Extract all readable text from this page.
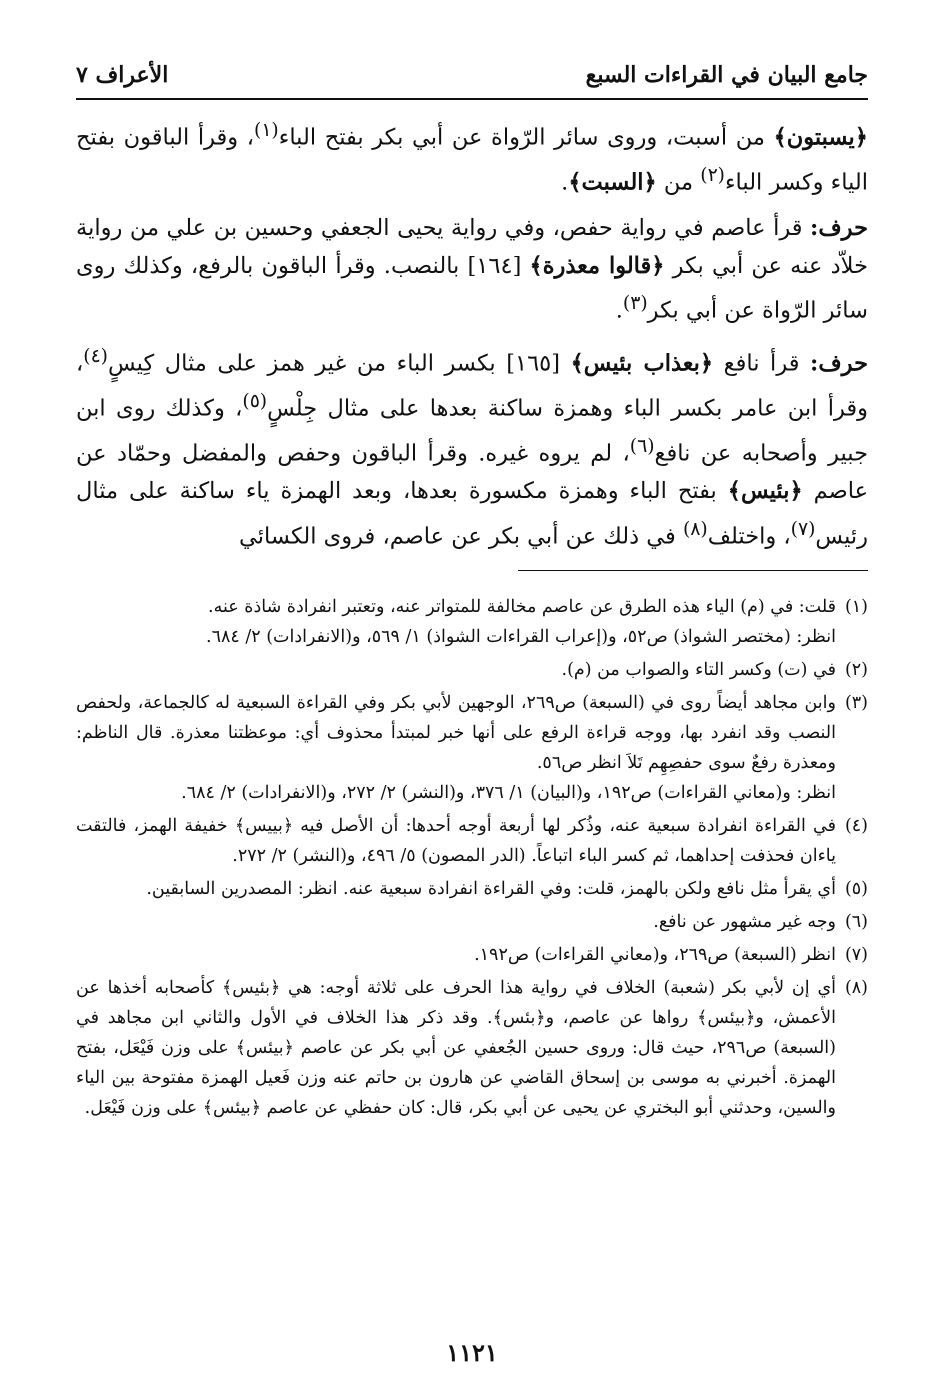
جامع البيان في القراءات السبع
الأعراف ٧

﴿يسبتون﴾ من أسبت، وروى سائر الرّواة عن أبي بكر بفتح الباء$^{(١)}$، وقرأ الباقون بفتح الياء وكسر الباء$^{(٢)}$ من ﴿السبت﴾.

حرف: قرأ عاصم في رواية حفص، وفي رواية يحيى الجعفي وحسين بن علي من رواية خلاّد عنه عن أبي بكر ﴿قالوا معذرة﴾ [١٦٤] بالنصب. وقرأ الباقون بالرفع، وكذلك روى سائر الرّواة عن أبي بكر$^{(٣)}$.

حرف: قرأ نافع ﴿بعذاب بئيس﴾ [١٦٥] بكسر الباء من غير همز على مثال كِيسٍ$^{(٤)}$، وقرأ ابن عامر بكسر الباء وهمزة ساكنة بعدها على مثال جِلْسٍ$^{(٥)}$، وكذلك روى ابن جبير وأصحابه عن نافع$^{(٦)}$، لم يروه غيره. وقرأ الباقون وحفص والمفضل وحمّاد عن عاصم ﴿بئيس﴾ بفتح الباء وهمزة مكسورة بعدها، وبعد الهمزة ياء ساكنة على مثال رئيس$^{(٧)}$، واختلف$^{(٨)}$ في ذلك عن أبي بكر عن عاصم، فروى الكسائي

(١)
قلت: في (م) الياء هذه الطرق عن عاصم مخالفة للمتواتر عنه، وتعتبر انفرادة شاذة عنه.
انظر: (مختصر الشواذ) ص٥٢، و(إعراب القراءات الشواذ) ١/ ٥٦٩، و(الانفرادات) ٢/ ٦٨٤.
(٢)
في (ت) وكسر التاء والصواب من (م).
(٣)
وابن مجاهد أيضاً روى في (السبعة) ص٢٦٩، الوجهين لأبي بكر وفي القراءة السبعية له كالجماعة، ولحفص النصب وقد انفرد بها، ووجه قراءة الرفع على أنها خبر لمبتدأ محذوف أي: موعظتنا معذرة. قال الناظم: ومعذرة رفعٌ سوى حفصِهِم تَلاَ انظر ص٥٦.
انظر: و(معاني القراءات) ص١٩٢، و(البيان) ١/ ٣٧٦، و(النشر) ٢/ ٢٧٢، و(الانفرادات) ٢/ ٦٨٤.
(٤)
في القراءة انفرادة سبعية عنه، وذُكر لها أربعة أوجه أحدها: أن الأصل فيه ﴿بييس﴾ خفيفة الهمز، فالتقت ياءان فحذفت إحداهما، ثم كسر الباء اتباعاً. (الدر المصون) ٥/ ٤٩٦، و(النشر) ٢/ ٢٧٢.
(٥)
أي يقرأ مثل نافع ولكن بالهمز، قلت: وفي القراءة انفرادة سبعية عنه. انظر: المصدرين السابقين.
(٦)
وجه غير مشهور عن نافع.
(٧)
انظر (السبعة) ص٢٦٩، و(معاني القراءات) ص١٩٢.
(٨)
أي إن لأبي بكر (شعبة) الخلاف في رواية هذا الحرف على ثلاثة أوجه: هي ﴿بئيس﴾ كأصحابه أخذها عن الأعمش، و﴿بيئس﴾ رواها عن عاصم، و﴿بئس﴾. وقد ذكر هذا الخلاف في الأول والثاني ابن مجاهد في (السبعة) ص٢٩٦، حيث قال: وروى حسين الجُعفي عن أبي بكر عن عاصم ﴿بيئس﴾ على وزن فَيْعَل، بفتح الهمزة. أخبرني به موسى بن إسحاق القاضي عن هارون بن حاتم عنه وزن فَعيل الهمزة مفتوحة بين الياء والسين، وحدثني أبو البختري عن يحيى عن أبي بكر، قال: كان حفظي عن عاصم ﴿بيئس﴾ على وزن فَيْعَل.
١١٢١
